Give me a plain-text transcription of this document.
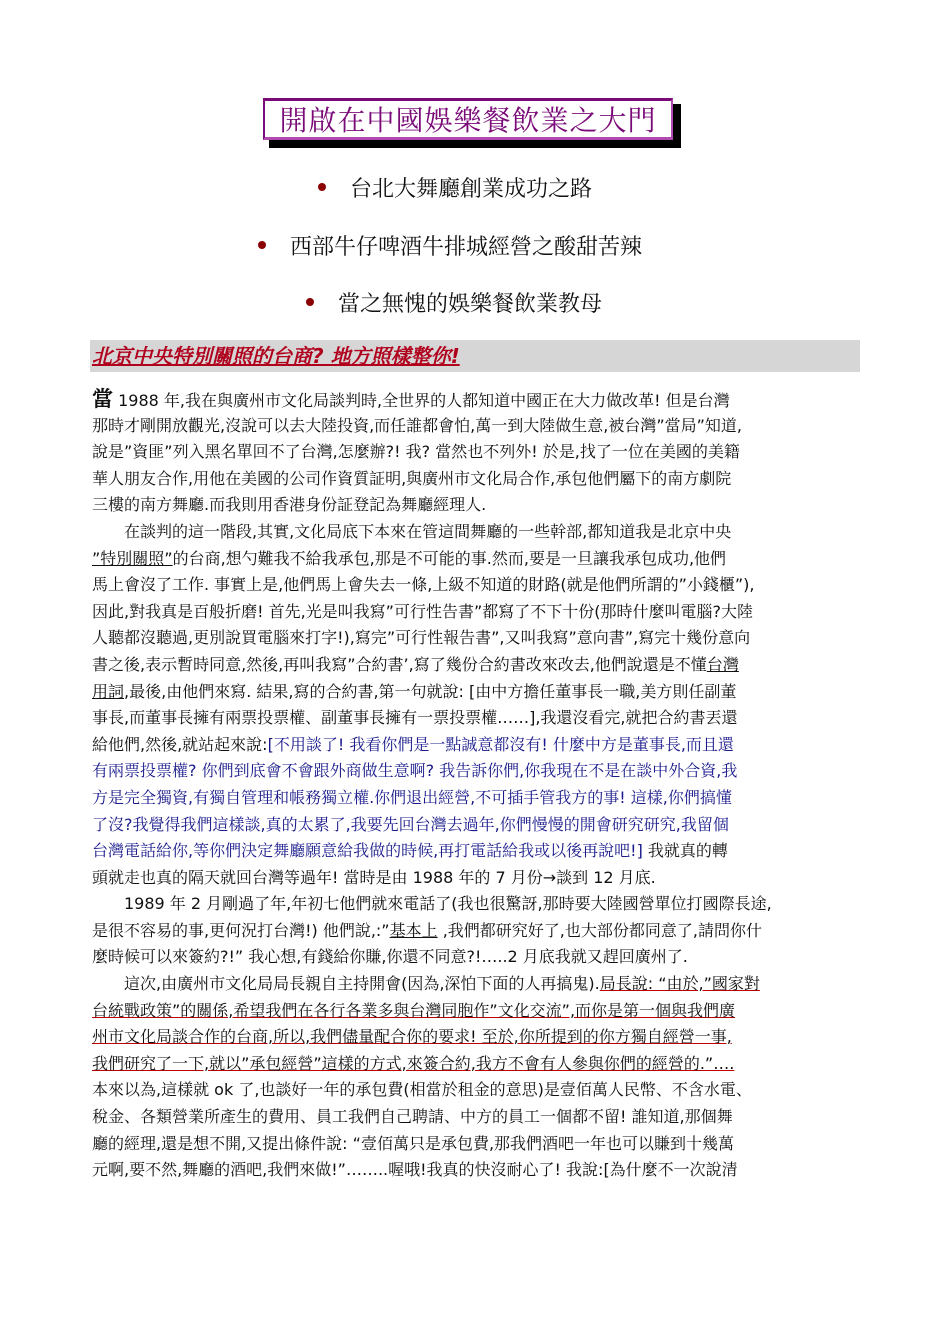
開啟在中國娛樂餐飲業之大門
台北大舞廳創業成功之路
西部牛仔啤酒牛排城經營之酸甜苦辣
當之無愧的娛樂餐飲業教母
北京中央特別關照的台商? 地方照樣整你!
當 1988 年,我在與廣州市文化局談判時,全世界的人都知道中國正在大力做改革! 但是台灣
那時才剛開放觀光,沒說可以去大陸投資,而任誰都會怕,萬一到大陸做生意,被台灣”當局”知道,
說是”資匪”列入黑名單回不了台灣,怎麼辦?! 我? 當然也不列外! 於是,找了一位在美國的美籍
華人朋友合作,用他在美國的公司作資質証明,與廣州市文化局合作,承包他們屬下的南方劇院
三樓的南方舞廳.而我則用香港身份証登記為舞廳經理人.
　　在談判的這一階段,其實,文化局底下本來在管這間舞廳的一些幹部,都知道我是北京中央
”特別關照”的台商,想勺難我不給我承包,那是不可能的事.然而,要是一旦讓我承包成功,他們
馬上會沒了工作. 事實上是,他們馬上會失去一條,上級不知道的財路(就是他們所謂的”小錢櫃”),
因此,對我真是百般折磨! 首先,光是叫我寫”可行性告書”都寫了不下十份(那時什麼叫電腦?大陸
人聽都沒聽過,更別說買電腦來打字!),寫完”可行性報告書”,又叫我寫”意向書”,寫完十幾份意向
書之後,表示暫時同意,然後,再叫我寫”合約書’,寫了幾份合約書改來改去,他們說還是不懂台灣
用詞,最後,由他們來寫. 結果,寫的合約書,第一句就說: [由中方擔任董事長一職,美方則任副董
事長,而董事長擁有兩票投票權、副董事長擁有一票投票權……],我還沒看完,就把合約書丟還
給他們,然後,就站起來說:[不用談了! 我看你們是一點誠意都沒有! 什麼中方是董事長,而且還
有兩票投票權? 你們到底會不會跟外商做生意啊? 我告訴你們,你我現在不是在談中外合資,我
方是完全獨資,有獨自管理和帳務獨立權.你們退出經營,不可插手管我方的事! 這樣,你們搞懂
了沒?我覺得我們這樣談,真的太累了,我要先回台灣去過年,你們慢慢的開會研究研究,我留個
台灣電話給你,等你們決定舞廳願意給我做的時候,再打電話給我或以後再說吧!] 我就真的轉
頭就走也真的隔天就回台灣等過年! 當時是由 1988 年的 7 月份→談到 12 月底.
　　1989 年 2 月剛過了年,年初七他們就來電話了(我也很驚訝,那時要大陸國營單位打國際長途,
是很不容易的事,更何況打台灣!) 他們說,:”基本上 ,我們都研究好了,也大部份都同意了,請問你什
麼時候可以來簽約?!” 我心想,有錢給你賺,你還不同意?!…..2 月底我就又趕回廣州了.
　　這次,由廣州市文化局局長親自主持開會(因為,深怕下面的人再搞鬼).局長說: “由於,”國家對
台統戰政策”的關係,希望我們在各行各業多與台灣同胞作”文化交流”,而你是第一個與我們廣
州市文化局談合作的台商,所以,我們儘量配合你的要求! 至於,你所提到的你方獨自經營一事,
我們研究了一下,就以”承包經營”這樣的方式,來簽合約,我方不會有人參與你們的經營的.”….
本來以為,這樣就 ok 了,也談好一年的承包費(相當於租金的意思)是壹佰萬人民幣、不含水電、
稅金、各類營業所產生的費用、員工我們自己聘請、中方的員工一個都不留! 誰知道,那個舞
廳的經理,還是想不開,又提出條件說: “壹佰萬只是承包費,那我們酒吧一年也可以賺到十幾萬
元啊,要不然,舞廳的酒吧,我們來做!”……..喔哦!我真的快沒耐心了! 我說:[為什麼不一次說清
